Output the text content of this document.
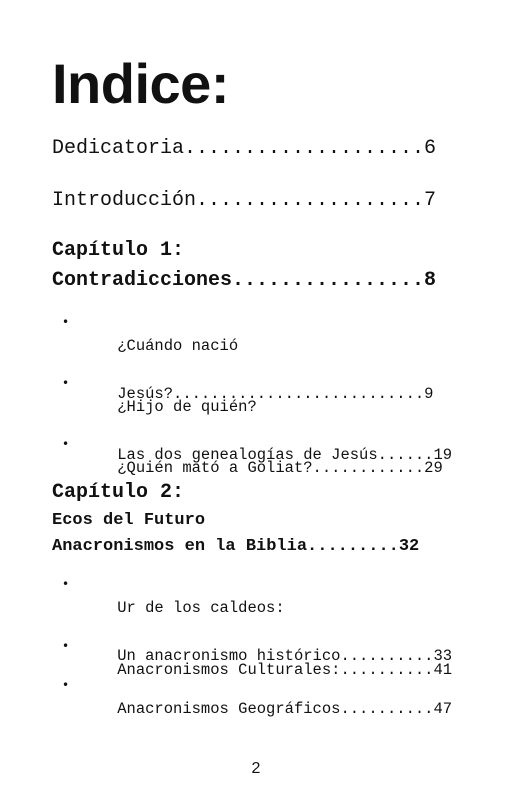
Indice:

Dedicatoria....................6

Introducción...................7

Capítulo 1:

Contradicciones................8

•

¿Cuándo nació

Jesús?...........................9

•

¿Hijo de quién?

Las dos genealogías de Jesús......19

•

¿Quién mató a Goliat?............29

Capítulo 2:

Ecos del Futuro

Anacronismos en la Biblia.........32

•

Ur de los caldeos:

Un anacronismo histórico..........33

•

Anacronismos Culturales:..........41

•

Anacronismos Geográficos..........47

2
